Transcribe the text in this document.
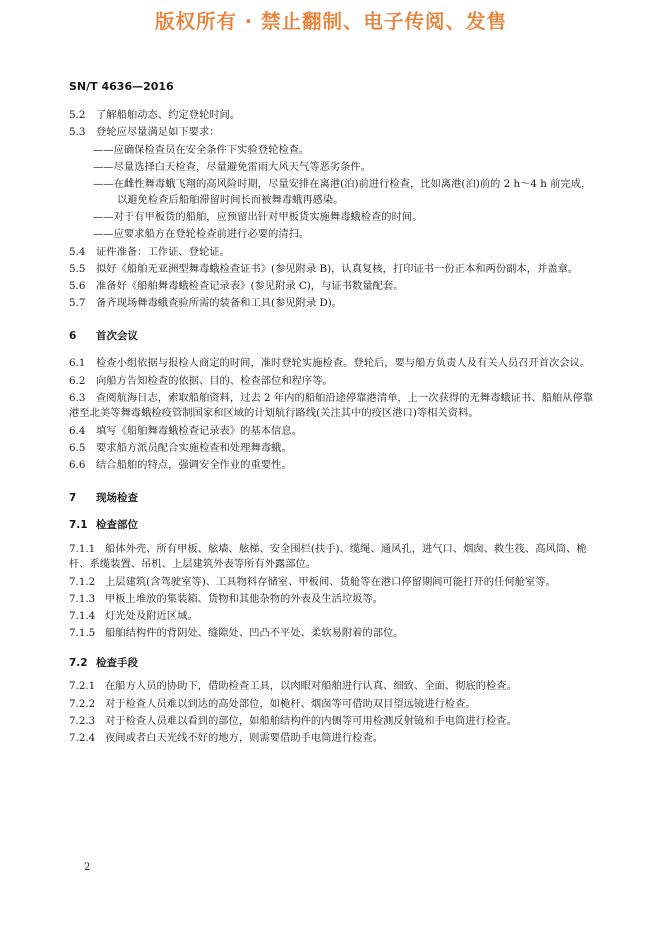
版权所有 · 禁止翻制、电子传阅、发售
SN/T 4636—2016
5.2	了解船舶动态、约定登轮时间。
5.3	登轮应尽量满足如下要求：
——应确保检查员在安全条件下实验登轮检查。
——尽量选择白天检查，尽量避免雷雨大风天气等恶劣条件。
——在雌性舞毒蛾飞翔的高风险时期，尽量安排在离港(泊)前进行检查，比如离港(泊)前的 2 h～4 h 前完成，以避免检查后船舶滞留时间长而被舞毒蛾再感染。
——对于有甲板货的船舶，应预留出针对甲板货实施舞毒蛾检查的时间。
——应要求船方在登轮检查前进行必要的清扫。
5.4	证件准备：工作证、登轮证。
5.5	拟好《船舶无亚洲型舞毒蛾检查证书》(参见附录 B)，认真复核，打印证书一份正本和两份副本，并盖章。
5.6	准备好《船舶舞毒蛾检查记录表》(参见附录 C)，与证书数量配套。
5.7	备齐现场舞毒蛾查验所需的装备和工具(参见附录 D)。
6 首次会议
6.1	检查小组依据与报检人商定的时间，准时登轮实施检查。登轮后，要与船方负责人及有关人员召开首次会议。
6.2	向船方告知检查的依据、目的、检查部位和程序等。
6.3	查阅航海日志，索取船舶资料，过去 2 年内的船舶沿途停靠港清单，上一次获得的无舞毒蛾证书、船舶从停靠港至北美等舞毒蛾检疫管制国家和区域的计划航行路线(关注其中的疫区港口)等相关资料。
6.4	填写《船舶舞毒蛾检查记录表》的基本信息。
6.5	要求船方派员配合实施检查和处理舞毒蛾。
6.6	结合船舶的特点，强调安全作业的重要性。
7 现场检查
7.1 检查部位
7.1.1 船体外壳、所有甲板、舷墙、舷梯、安全围栏(扶手)、缆绳、通风孔，进气口、烟囱、救生筏、高风筒、桅杆、系缆装置、吊机、上层建筑外表等所有外露部位。
7.1.2 上层建筑(含驾驶室等)、工具物料存储室、甲板间、货舱等在港口停留期间可能打开的任何舱室等。
7.1.3 甲板上堆放的集装箱、货物和其他杂物的外表及生活垃圾等。
7.1.4 灯光处及附近区域。
7.1.5 船舶结构件的背阴处、缝隙处、凹凸不平处、柔软易附着的部位。
7.2 检查手段
7.2.1 在船方人员的协助下，借助检查工具，以肉眼对船舶进行认真、细致、全面、彻底的检查。
7.2.2 对于检查人员难以到达的高处部位，如桅杆、烟囱等可借助双目望远镜进行检查。
7.2.3 对于检查人员难以看到的部位，如船舶结构件的内侧等可用检测反射镜和手电筒进行检查。
7.2.4 夜间或者白天光线不好的地方，则需要借助手电筒进行检查。
2
